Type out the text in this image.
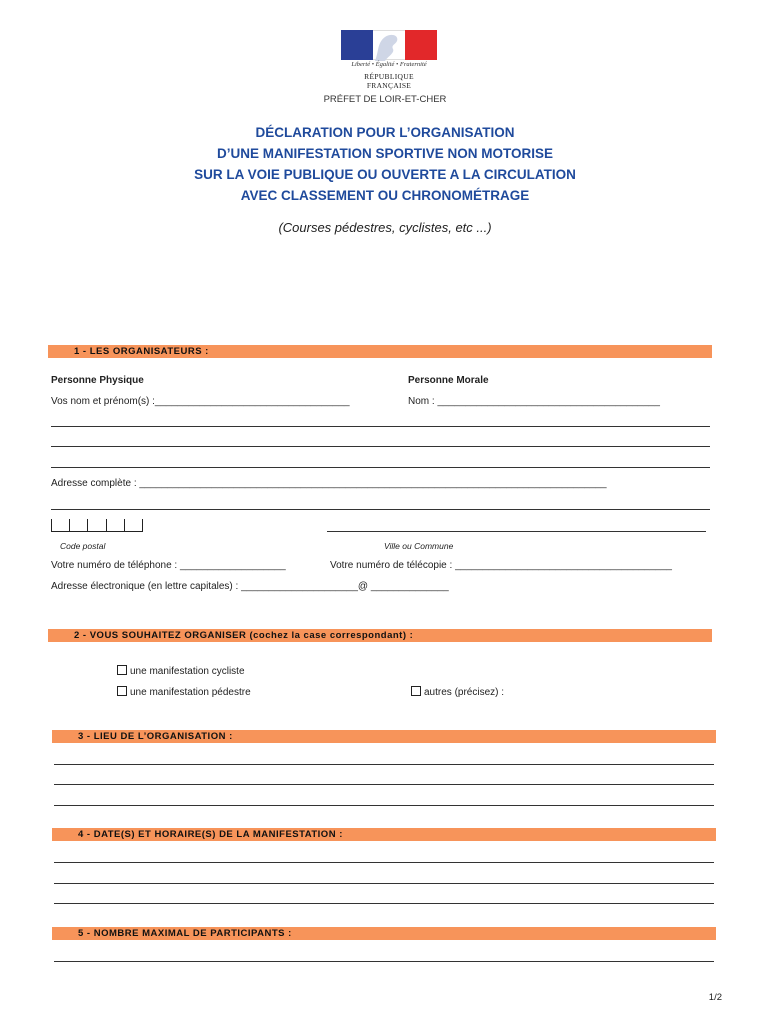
Liberté • Égalité • Fraternité
RÉPUBLIQUE FRANÇAISE
PRÉFET DE LOIR-ET-CHER
DÉCLARATION POUR L’ORGANISATION
D’UNE MANIFESTATION SPORTIVE NON MOTORISE
SUR LA VOIE PUBLIQUE OU OUVERTE A LA CIRCULATION
AVEC CLASSEMENT OU CHRONOMÉTRAGE
(Courses pédestres, cyclistes, etc ...)
1 - LES ORGANISATEURS :
Personne Physique	Personne Morale
Vos nom et prénom(s) :___________________________________	Nom : ________________________________________
Adresse complète : ____________________________________________________________________________________
Code postal	Ville ou Commune
Votre numéro de téléphone : ___________________	Votre numéro de télécopie : _______________________________________
Adresse électronique (en lettre capitales) : _____________________@ ______________
2 - VOUS SOUHAITEZ ORGANISER (cochez la case correspondant) :
une manifestation cycliste
une manifestation pédestre	autres (précisez) :
3 - LIEU DE L’ORGANISATION :
4 - DATE(S) ET HORAIRE(S) DE LA MANIFESTATION :
5 - NOMBRE MAXIMAL DE PARTICIPANTS :
1/2
